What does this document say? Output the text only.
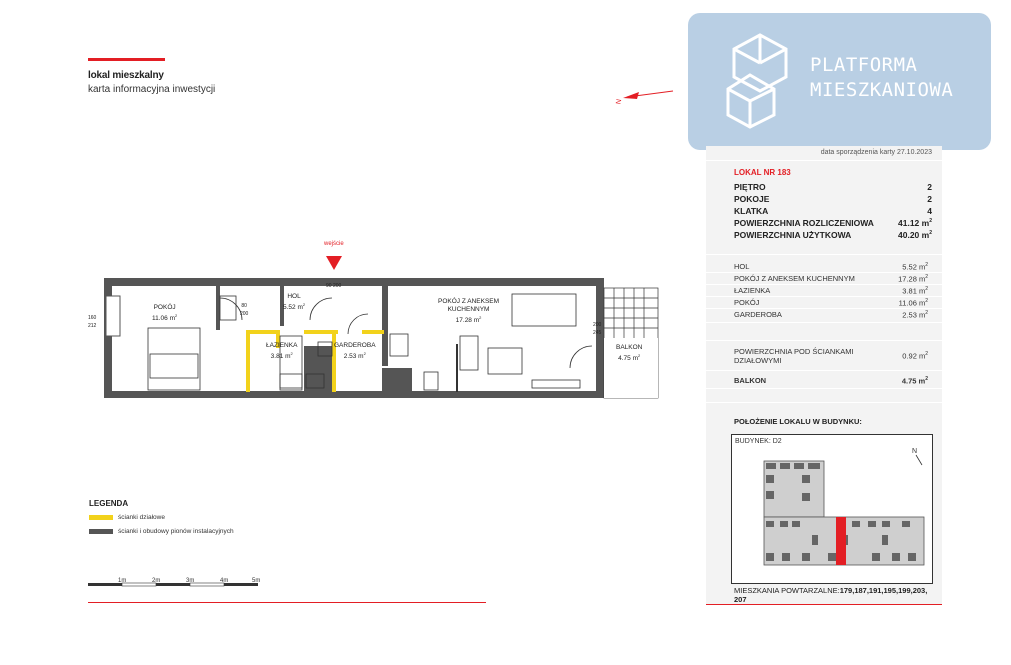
lokal mieszkalny
karta informacyjna inwestycji
N
PLATFORMA
MIESZKANIOWA
data sporządzenia karty 27.10.2023
LOKAL NR 183
PIĘTRO	2
POKOJE	2
KLATKA	4
POWIERZCHNIA ROZLICZENIOWA	41.12 $m^2$
POWIERZCHNIA UŻYTKOWA	40.20 $m^2$
HOL	5.52 $m^2$
POKÓJ Z ANEKSEM KUCHENNYM	17.28 $m^2$
ŁAZIENKA	3.81 $m^2$
POKÓJ	11.06 $m^2$
GARDEROBA	2.53 $m^2$
POWIERZCHNIA POD ŚCIANKAMI DZIAŁOWYMI	0.92 $m^2$
BALKON	4.75 $m^2$
POŁOŻENIE LOKALU W BUDYNKU:
BUDYNEK: D2
N
MIESZKANIA POWTARZALNE:179,187,191,195,199,203, 207
wejście
POKÓJ
11.06 $m^2$
HOL
5.52 $m^2$
ŁAZIENKA
3.81 $m^2$
GARDEROBA
2.53 $m^2$
POKÓJ Z ANEKSEM
KUCHENNYM
17.28 $m^2$
BALKON
4.75 $m^2$
160
212
80
200
90 200
200
245
LEGENDA
ścianki działowe
ścianki i obudowy pionów instalacyjnych
1m	2m	3m	4m	5m
